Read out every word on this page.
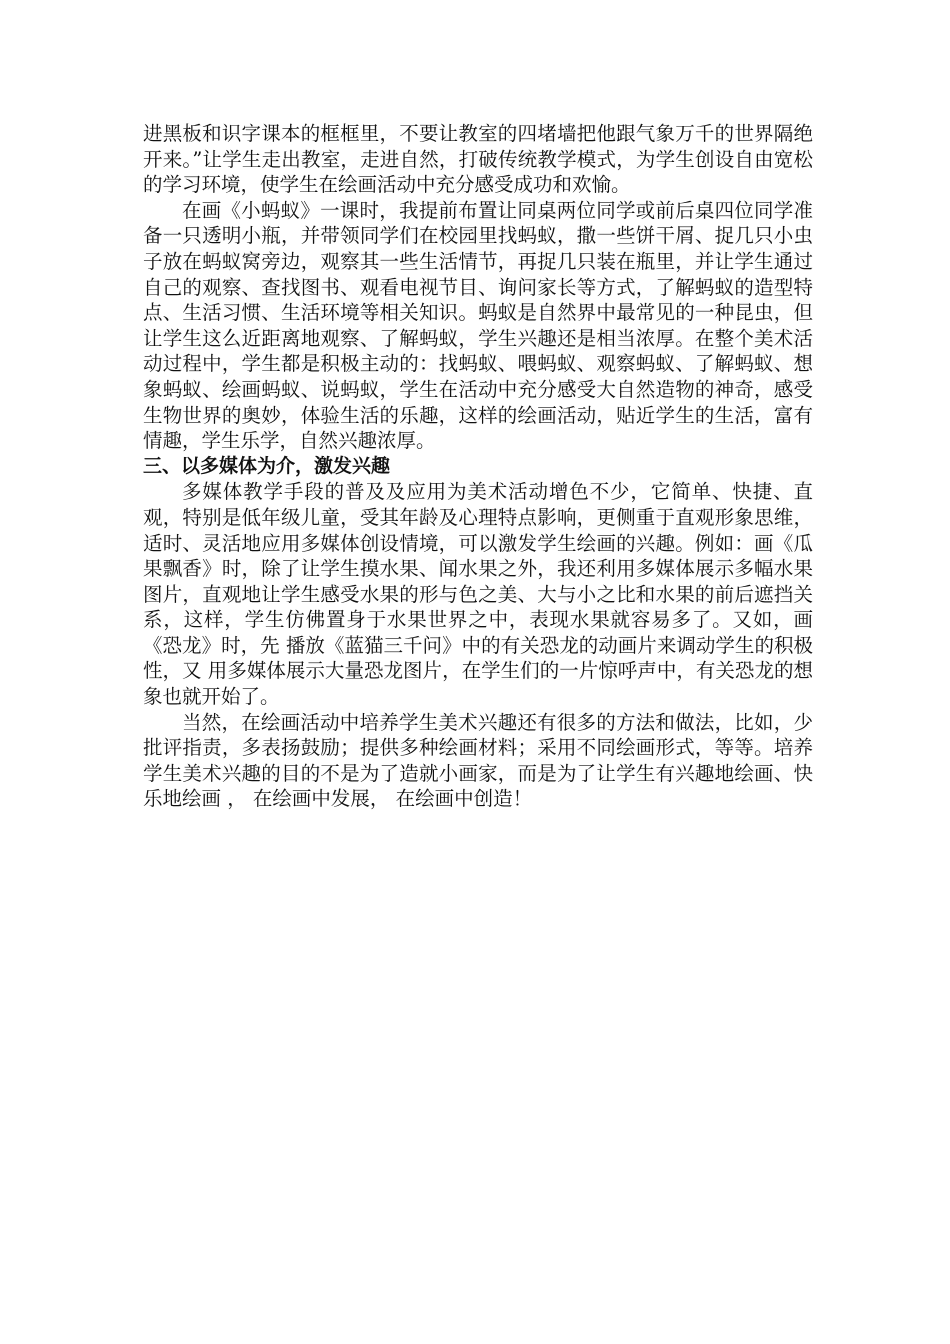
进黑板和识字课本的框框里，不要让教室的四堵墙把他跟气象万千的世界隔绝开来。”让学生走出教室，走进自然，打破传统教学模式，为学生创设自由宽松的学习环境，使学生在绘画活动中充分感受成功和欢愉。

在画《小蚂蚁》一课时，我提前布置让同桌两位同学或前后桌四位同学准备一只透明小瓶，并带领同学们在校园里找蚂蚁，撒一些饼干屑、捉几只小虫子放在蚂蚁窝旁边，观察其一些生活情节，再捉几只装在瓶里，并让学生通过自己的观察、查找图书、观看电视节目、询问家长等方式，了解蚂蚁的造型特点、生活习惯、生活环境等相关知识。蚂蚁是自然界中最常见的一种昆虫，但让学生这么近距离地观察、了解蚂蚁，学生兴趣还是相当浓厚。在整个美术活动过程中，学生都是积极主动的：找蚂蚁、喂蚂蚁、观察蚂蚁、了解蚂蚁、想象蚂蚁、绘画蚂蚁、说蚂蚁，学生在活动中充分感受大自然造物的神奇，感受生物世界的奥妙，体验生活的乐趣，这样的绘画活动，贴近学生的生活，富有情趣，学生乐学，自然兴趣浓厚。

三、以多媒体为介，激发兴趣

多媒体教学手段的普及及应用为美术活动增色不少，它简单、快捷、直观，特别是低年级儿童，受其年龄及心理特点影响，更侧重于直观形象思维，适时、灵活地应用多媒体创设情境，可以激发学生绘画的兴趣。例如：画《瓜果飘香》时，除了让学生摸水果、闻水果之外，我还利用多媒体展示多幅水果图片，直观地让学生感受水果的形与色之美、大与小之比和水果的前后遮挡关系，这样，学生仿佛置身于水果世界之中，表现水果就容易多了。又如，画《恐龙》时，先 播放《蓝猫三千问》中的有关恐龙的动画片来调动学生的积极性，又 用多媒体展示大量恐龙图片，在学生们的一片惊呼声中，有关恐龙的想象也就开始了。

当然，在绘画活动中培养学生美术兴趣还有很多的方法和做法，比如，少批评指责，多表扬鼓励；提供多种绘画材料；采用不同绘画形式，等等。培养学生美术兴趣的目的不是为了造就小画家，而是为了让学生有兴趣地绘画、快乐地绘画 ， 在绘画中发展， 在绘画中创造！
